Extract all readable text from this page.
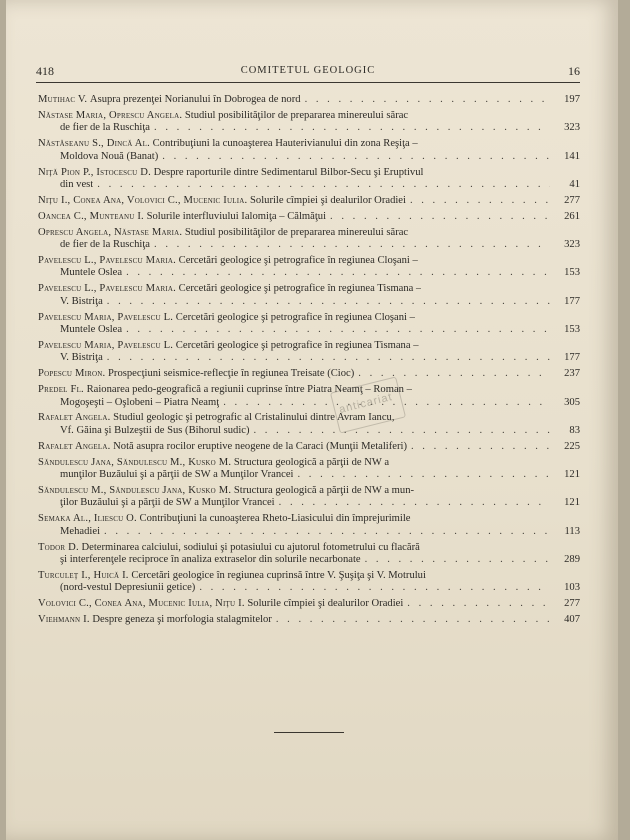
418	COMITETUL GEOLOGIC	16
Mutihac V.
Asupra prezenţei Norianului în Dobrogea de nord . . .	197
Năstase Maria, Oprescu Angela.
Studiul posibilităţilor de prepararea minereului sărac
de fier de la Ruschiţa . . .	323
Năstăseanu S., Dincă Al.
Contribuţiuni la cunoaşterea Hauterivianului din zona Reşiţa –
Moldova Nouă (Banat) . . .	141
Niţă Pion P., Istocescu D.
Despre raporturile dintre Sedimentarul Bilbor-Secu şi Eruptivul
din vest . . .	41
Niţu I., Conea Ana, Volovici C., Mucenic Iulia.
Solurile cîmpiei şi dealurilor Oradiei . . .	277
Oancea C., Munteanu I.
Solurile interfluviului Ialomiţa – Călmăţui . . .	261
Oprescu Angela, Năstase Maria.
Studiul posibilităţilor de prepararea minereului sărac
de fier de la Ruschiţa . . .	323
Pavelescu L., Pavelescu Maria.
Cercetări geologice şi petrografice în regiunea Cloşani –
Muntele Oslea . . .	153
Pavelescu L., Pavelescu Maria.
Cercetări geologice şi petrografice în regiunea Tismana –
V. Bistriţa . . .	177
Pavelescu Maria, Pavelescu L.
Cercetări geologice şi petrografice în regiunea Cloşani –
Muntele Oslea . . .	153
Pavelescu Maria, Pavelescu L.
Cercetări geologice şi petrografice în regiunea Tismana –
V. Bistriţa . . .	177
Popescu Miron.
Prospecţiuni seismice-reflecţie în regiunea Treisate (Cioc) . . .	237
Predel Fl.
Raionarea pedo-geografică a regiunii cuprinse între Piatra Neamţ – Roman –
Mogoşeşti – Oşlobeni – Piatra Neamţ . . .	305
Rafalet Angela.
Studiul geologic şi petrografic al Cristalinului dintre Avram Iancu,
Vf. Găina şi Bulzeştii de Sus (Bihorul sudic) . . .	83
Rafalet Angela.
Notă asupra rocilor eruptive neogene de la Caraci (Munţii Metaliferi) . . .	225
Săndulescu Jana, Săndulescu M., Kusko M.
Structura geologică a părţii de NW a
munţilor Buzăului şi a părţii de SW a Munţilor Vrancei . . .	121
Săndulescu M., Săndulescu Jana, Kusko M.
Structura geologică a părţii de NW a mun-
ţilor Buzăului şi a părţii de SW a Munţilor Vrancei . . .	121
Semaka Al., Iliescu O.
Contribuţiuni la cunoaşterea Rheto-Liasicului din împrejurimile
Mehadiei . . .	113
Todor D.
Determinarea calciului, sodiului şi potasiului cu ajutorul fotometrului cu flacără
şi interferenţele reciproce în analiza extraselor din solurile necarbonate . . .	289
Turculeţ I., Huică I.
Cercetări geologice în regiunea cuprinsă între V. Şuşiţa şi V. Motrului
(nord-vestul Depresiunii getice) . . .	103
Volovici C., Conea Ana, Mucenic Iulia, Niţu I.
Solurile cîmpiei şi dealurilor Oradiei . . .	277
Viehmann I.
Despre geneza şi morfologia stalagmitelor . . .	407
anticariat
